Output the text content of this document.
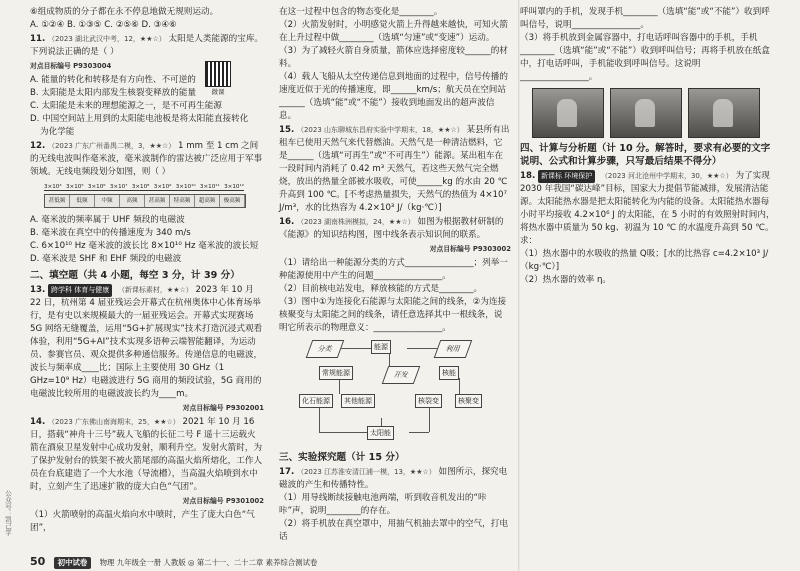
⑥组成物质的分子都在永不停息地做无规则运动。

A. ①②④ B. ①③⑤ C. ②⑤⑥ D. ③④⑥

11. （2023 湖北武汉中考，12，★★☆） 太阳是人类能源的宝库。下列说法正确的是（ ）
对点目标编号 P9303004

A. 能量的转化和转移是有方向性、不可逆的

B. 太阳能是太阳内部发生核裂变释放的能量

C. 太阳能是未来的理想能源之一，是不可再生能源

D. 中国空间站上用到的太阳能电池板是将太阳能直接转化

为化学能

12. （2023 广东广州番禺二模，3，★★☆） 1 mm 至 1 cm 之间的无线电波叫作毫米波，毫米波制作的雷达被广泛应用于军事领域。无线电频段划分如图，则（ ）
3×10⁴ 3×10⁵ 3×10⁶ 3×10⁷ 3×10⁸ 3×10⁹ 3×10¹⁰ 3×10¹¹ 3×10¹²
甚低频	低频	中频	高频	甚高频	特高频	超高频	极高频

A. 毫米波的频率属于 UHF 频段的电磁波

B. 毫米波在真空中的传播速度为 340 m/s

C. 6×10¹⁰ Hz 毫米波的波长比 8×10¹⁰ Hz 毫米波的波长短

D. 毫米波是 SHF 和 EHF 频段的电磁波

二、填空题（共 4 小题，每空 3 分，计 39 分）
13. 跨学科 体育与健康 （新课标素材，★★☆） 2023 年 10 月 22 日，杭州第 4 届亚残运会开幕式在杭州奥体中心体育场举行，是有史以来规模最大的一届亚残运会。开幕式实现赛场 5G 网络无缝覆盖，运用“5G+扩展现实”技术打造沉浸式观看体验，利用“5G+AI”技术实现多语种云端智能翻译，为运动员、参赛官员、观众提供多种通信服务。传递信息的电磁波，波长与频率成____比；国际上主要使用 30 GHz（1 GHz=10⁹ Hz）电磁波进行 5G 商用的频段试验，5G 商用的电磁波比较所用的电磁波波长约为____m。
对点目标编号 P9302001
14. （2023 广东佛山南海期末，25，★★☆） 2021 年 10 月 16 日，搭载“神舟十三号”载人飞船的长征二号 F 遥十三运载火箭在酒泉卫星发射中心成功发射，顺利升空。发射火箭时，为了保护发射台的铁架不被火箭尾部的高温火焰所熔化，工作人员在台底建造了一个大水池（导流槽），当高温火焰喷到水中时，立刻产生了迅速扩散的庞大白色“气团”。
对点目标编号 P9301002

（1）火箭喷射的高温火焰向水中喷时，产生了庞大白色“气团”，

微课

在这一过程中包含的物态变化是________。

（2）火箭发射时，小明感觉火箭上升得越来越快，可知火箭在上升过程中做________（选填“匀速”或“变速”）运动。

（3）为了减轻火箭自身质量，箭体应选择密度较______的材料。

（4）载人飞船从太空传递信息到地面的过程中，信号传播的速度近似于光的传播速度，即______km/s；航天员在空间站______（选填“能”或“不能”）接收到地面发出的超声波信息。

15. （2023 山东聊城东昌府实验中学期末，18，★★☆） 某县所有出租车已使用天然气来代替燃油。天然气是一种清洁燃料，它是______（选填“可再生”或“不可再生”）能源。某出租车在一段时间内消耗了 0.42 m³ 天然气，若这些天然气完全燃烧，放出的热量全部被水吸收，可使______kg 的水由 20 ℃ 升高到 100 ℃。[不考虑热量损失，天然气的热值为 4×10⁷ J/m³，水的比热容为 4.2×10³ J/（kg·℃）]
16. （2023 湖南株洲模拟，24，★★☆） 如图为根据教材研制的《能源》的知识结构图，图中线条表示知识间的联系。
对点目标编号 P9303002

（1）请给出一种能源分类的方式________________；列举一种能源使用中产生的问题________________。

（2）目前核电站发电，释放核能的方式是________。

（3）图中①为连接化石能源与太阳能之间的线条，②为连接核聚变与太阳能之间的线条，请任意选择其中一根线条，说明它所表示的物理意义：________________。

分类	能源	利用
常规能源	开发	核能
化石能源	其他能源	核裂变	核聚变
太阳能
三、实验探究题（计 15 分）
17. （2023 江苏淮安清江浦一模，13，★★☆） 如图所示，探究电磁波的产生和传播特性。

（1）用导线断续接触电池两端，听到收音机发出的“咔咔”声，说明________的存在。

（2）将手机放在真空罩中，用抽气机抽去罩中的空气，打电话

呼叫罩内的手机，发现手机________（选填“能”或“不能”）收到呼叫信号，说明________________。

（3）将手机放到金属容器中，打电话呼叫容器中的手机，手机________（选填“能”或“不能”）收到呼叫信号；再将手机放在纸盒中，打电话呼叫，手机能收到呼叫信号。这说明________________。

四、计算与分析题（计 10 分。解答时，要求有必要的文字说明、公式和计算步骤，只写最后结果不得分）
18. 新课标 环境保护 （2023 河北沧州中学期末，30，★★☆） 为了实现 2030 年我国“碳达峰”目标，国家大力提倡节能减排，发展清洁能源。太阳能热水器是把太阳能转化为内能的设备。太阳能热水器每小时平均接收 4.2×10⁶ J 的太阳能，在 5 小时的有效照射时间内，将热水器中质量为 50 kg、初温为 10 ℃ 的水温度升高到 50 ℃。求：

（1）热水器中的水吸收的热量 Q吸；[水的比热容 c=4.2×10³ J/（kg·℃）]

（2）热水器的效率 η。

50 初中试卷 物理 九年级全一册 人教版 ◎ 第二十一、二十二章 素养综合测试卷
公众号：凯己学
